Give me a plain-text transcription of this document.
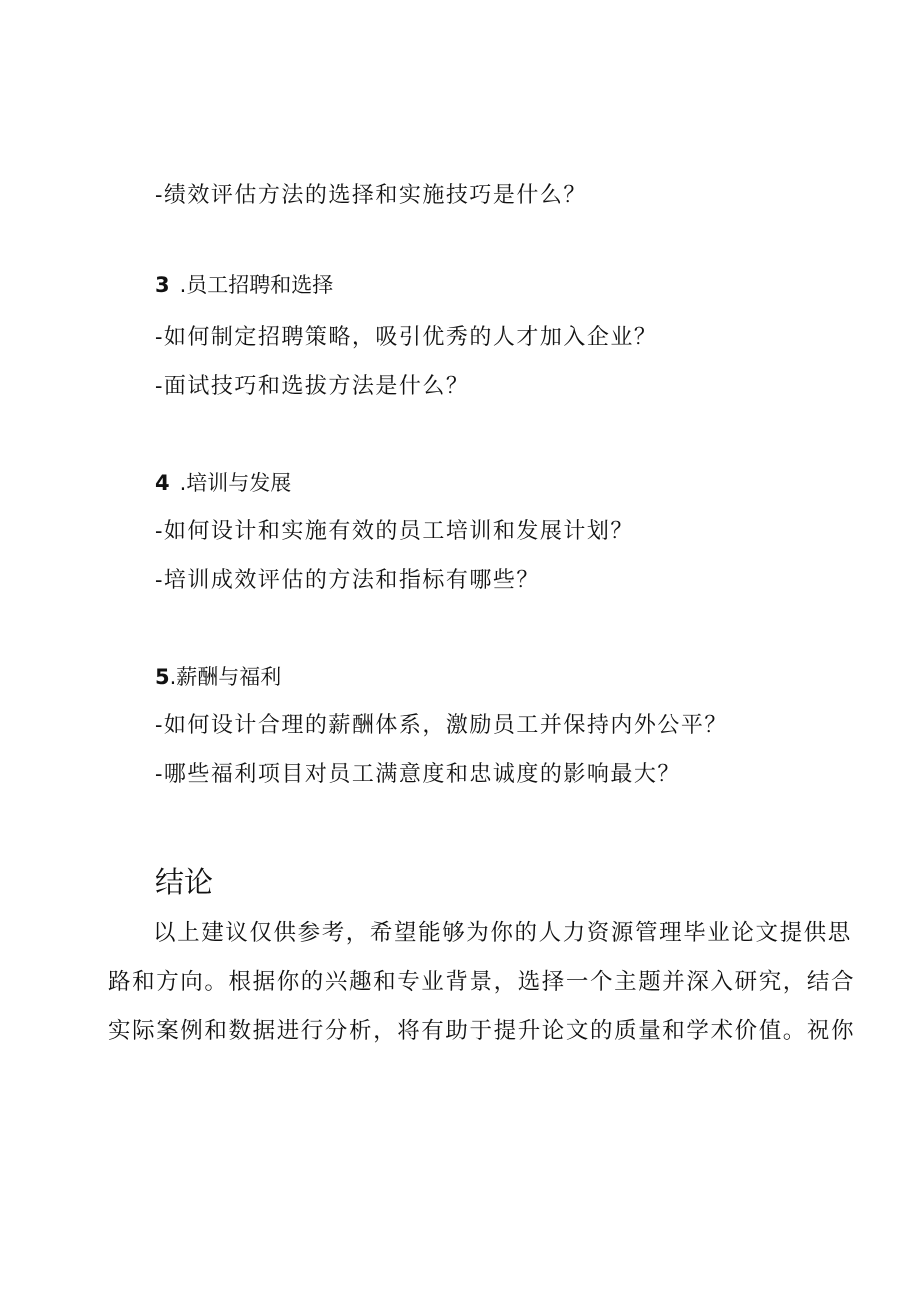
-绩效评估方法的选择和实施技巧是什么？
3 .员工招聘和选择
-如何制定招聘策略，吸引优秀的人才加入企业？
-面试技巧和选拔方法是什么？
4 .培训与发展
-如何设计和实施有效的员工培训和发展计划？
-培训成效评估的方法和指标有哪些？
5.薪酬与福利
-如何设计合理的薪酬体系，激励员工并保持内外公平？
-哪些福利项目对员工满意度和忠诚度的影响最大？
结论
以上建议仅供参考，希望能够为你的人力资源管理毕业论文提供思
路和方向。根据你的兴趣和专业背景，选择一个主题并深入研究，结合
实际案例和数据进行分析，将有助于提升论文的质量和学术价值。祝你
